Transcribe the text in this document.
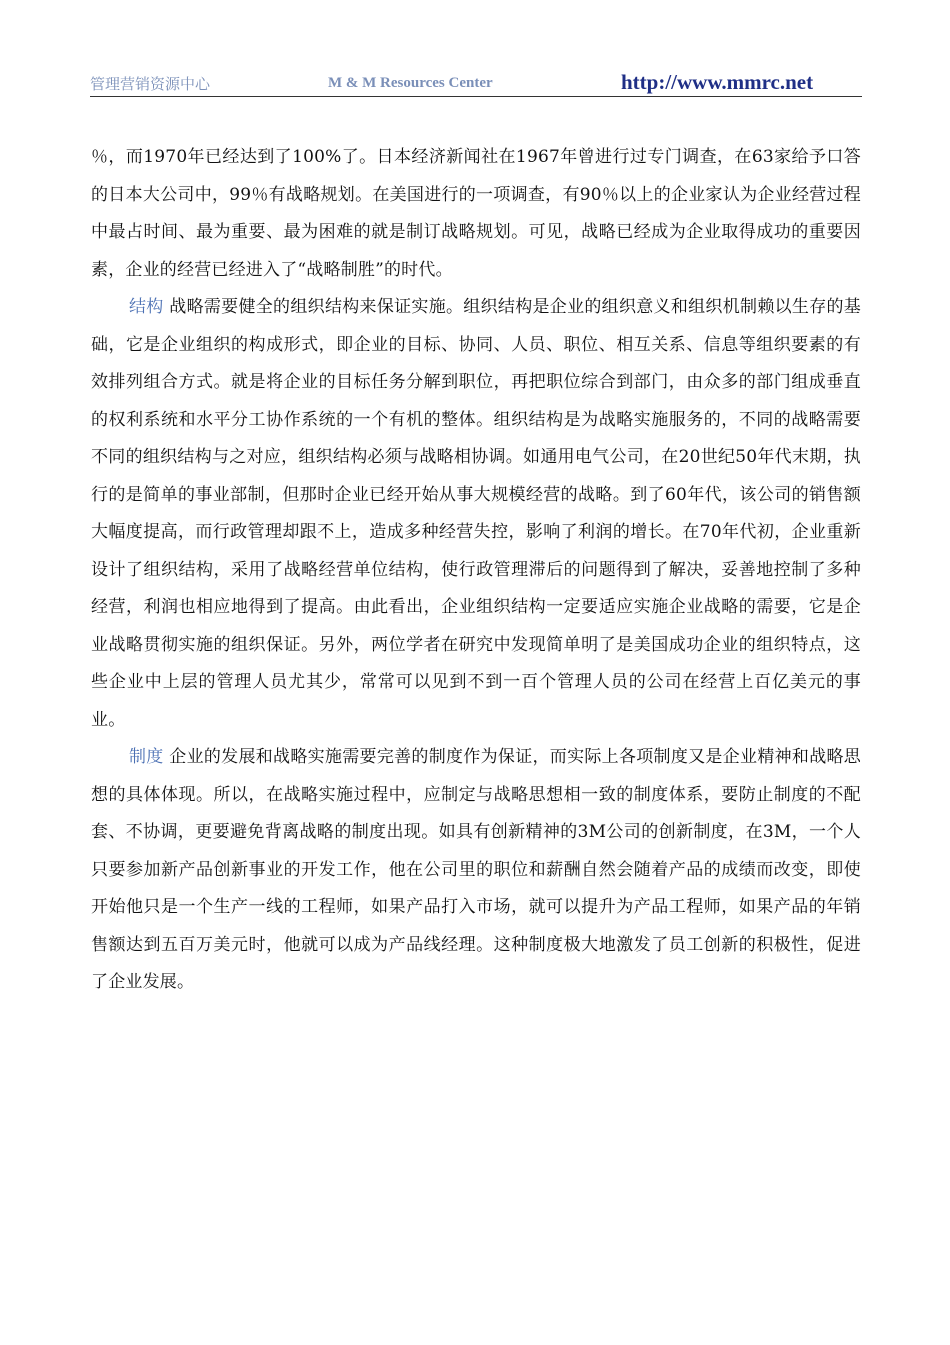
管理营销资源中心	M & M Resources Center	http://www.mmrc.net

％，而1970年已经达到了100%了。日本经济新闻社在1967年曾进行过专门调查，在63家给予口答的日本大公司中，99％有战略规划。在美国进行的一项调查，有90％以上的企业家认为企业经营过程中最占时间、最为重要、最为困难的就是制订战略规划。可见，战略已经成为企业取得成功的重要因素，企业的经营已经进入了“战略制胜”的时代。

结构 战略需要健全的组织结构来保证实施。组织结构是企业的组织意义和组织机制赖以生存的基础，它是企业组织的构成形式，即企业的目标、协同、人员、职位、相互关系、信息等组织要素的有效排列组合方式。就是将企业的目标任务分解到职位，再把职位综合到部门，由众多的部门组成垂直的权利系统和水平分工协作系统的一个有机的整体。组织结构是为战略实施服务的，不同的战略需要不同的组织结构与之对应，组织结构必须与战略相协调。如通用电气公司，在20世纪50年代末期，执行的是简单的事业部制，但那时企业已经开始从事大规模经营的战略。到了60年代，该公司的销售额大幅度提高，而行政管理却跟不上，造成多种经营失控，影响了利润的增长。在70年代初，企业重新设计了组织结构，采用了战略经营单位结构，使行政管理滞后的问题得到了解决，妥善地控制了多种经营，利润也相应地得到了提高。由此看出，企业组织结构一定要适应实施企业战略的需要，它是企业战略贯彻实施的组织保证。另外，两位学者在研究中发现简单明了是美国成功企业的组织特点，这些企业中上层的管理人员尤其少，常常可以见到不到一百个管理人员的公司在经营上百亿美元的事业。

制度 企业的发展和战略实施需要完善的制度作为保证，而实际上各项制度又是企业精神和战略思想的具体体现。所以，在战略实施过程中，应制定与战略思想相一致的制度体系，要防止制度的不配套、不协调，更要避免背离战略的制度出现。如具有创新精神的3M公司的创新制度，在3M，一个人只要参加新产品创新事业的开发工作，他在公司里的职位和薪酬自然会随着产品的成绩而改变，即使开始他只是一个生产一线的工程师，如果产品打入市场，就可以提升为产品工程师，如果产品的年销售额达到五百万美元时，他就可以成为产品线经理。这种制度极大地激发了员工创新的积极性，促进了企业发展。
